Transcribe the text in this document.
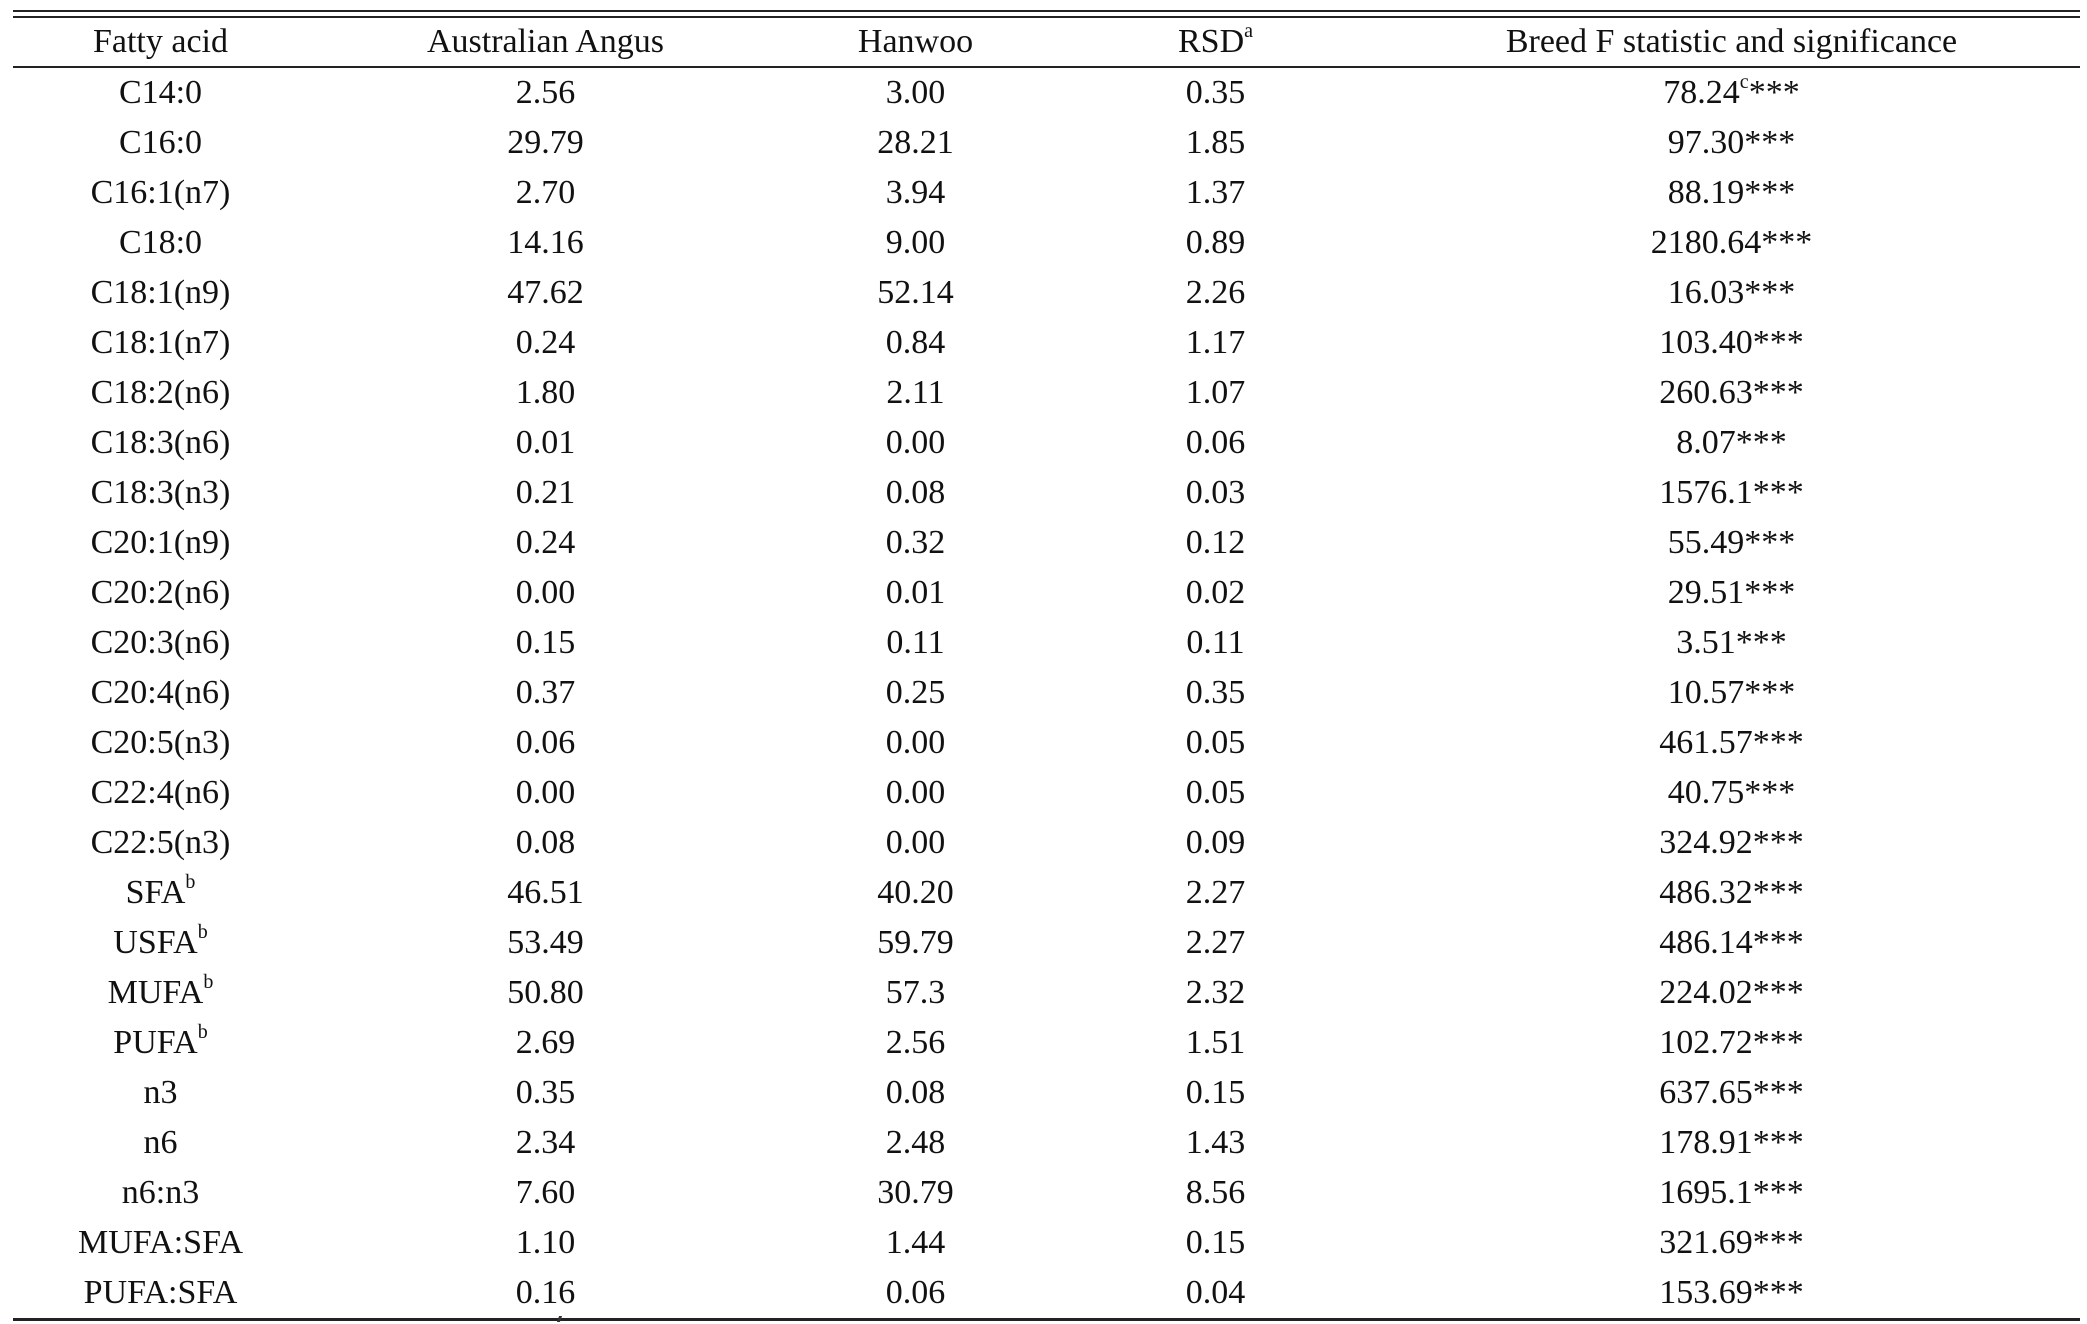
Fatty acid	Australian Angus	Hanwoo	RSD$^a$	Breed F statistic and significance
C14:0	2.56	3.00	0.35	78.24$^c$***
C16:0	29.79	28.21	1.85	97.30***
C16:1(n7)	2.70	3.94	1.37	88.19***
C18:0	14.16	9.00	0.89	2180.64***
C18:1(n9)	47.62	52.14	2.26	16.03***
C18:1(n7)	0.24	0.84	1.17	103.40***
C18:2(n6)	1.80	2.11	1.07	260.63***
C18:3(n6)	0.01	0.00	0.06	8.07***
C18:3(n3)	0.21	0.08	0.03	1576.1***
C20:1(n9)	0.24	0.32	0.12	55.49***
C20:2(n6)	0.00	0.01	0.02	29.51***
C20:3(n6)	0.15	0.11	0.11	3.51***
C20:4(n6)	0.37	0.25	0.35	10.57***
C20:5(n3)	0.06	0.00	0.05	461.57***
C22:4(n6)	0.00	0.00	0.05	40.75***
C22:5(n3)	0.08	0.00	0.09	324.92***
SFA$^b$	46.51	40.20	2.27	486.32***
USFA$^b$	53.49	59.79	2.27	486.14***
MUFA$^b$	50.80	57.3	2.32	224.02***
PUFA$^b$	2.69	2.56	1.51	102.72***
n3	0.35	0.08	0.15	637.65***
n6	2.34	2.48	1.43	178.91***
n6:n3	7.60	30.79	8.56	1695.1***
MUFA:SFA	1.10	1.44	0.15	321.69***
PUFA:SFA	0.16	0.06	0.04	153.69***
